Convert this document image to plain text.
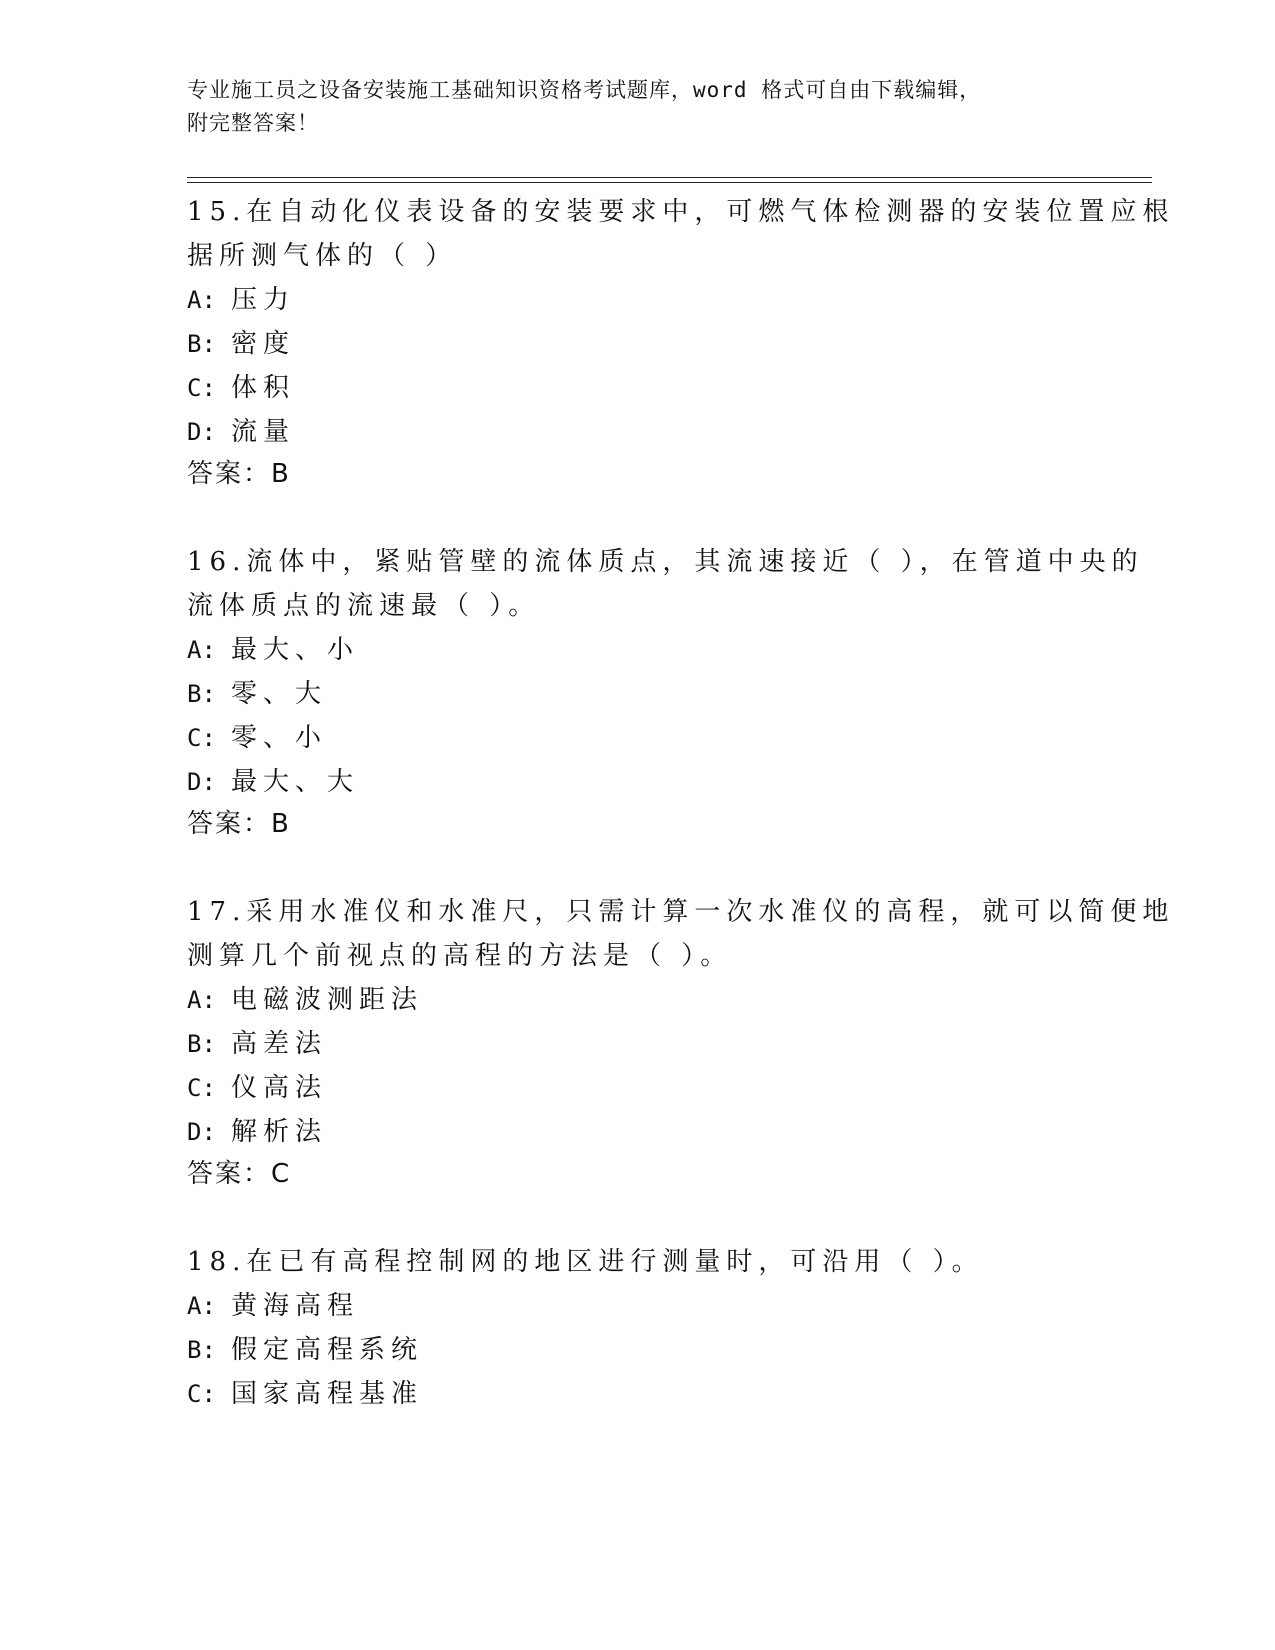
专业施工员之设备安装施工基础知识资格考试题库，word 格式可自由下载编辑，

附完整答案！

15.在自动化仪表设备的安装要求中，可燃气体检测器的安装位置应根

据所测气体的（ ）

A: 压力
B: 密度
C: 体积
D: 流量
答案：B

16.流体中，紧贴管壁的流体质点，其流速接近（ ），在管道中央的

流体质点的流速最（ ）。

A: 最大、小
B: 零、大
C: 零、小
D: 最大、大
答案：B

17.采用水准仪和水准尺，只需计算一次水准仪的高程，就可以简便地

测算几个前视点的高程的方法是（ ）。

A: 电磁波测距法
B: 高差法
C: 仪高法
D: 解析法
答案：C

18.在已有高程控制网的地区进行测量时，可沿用（ ）。

A: 黄海高程
B: 假定高程系统
C: 国家高程基准
